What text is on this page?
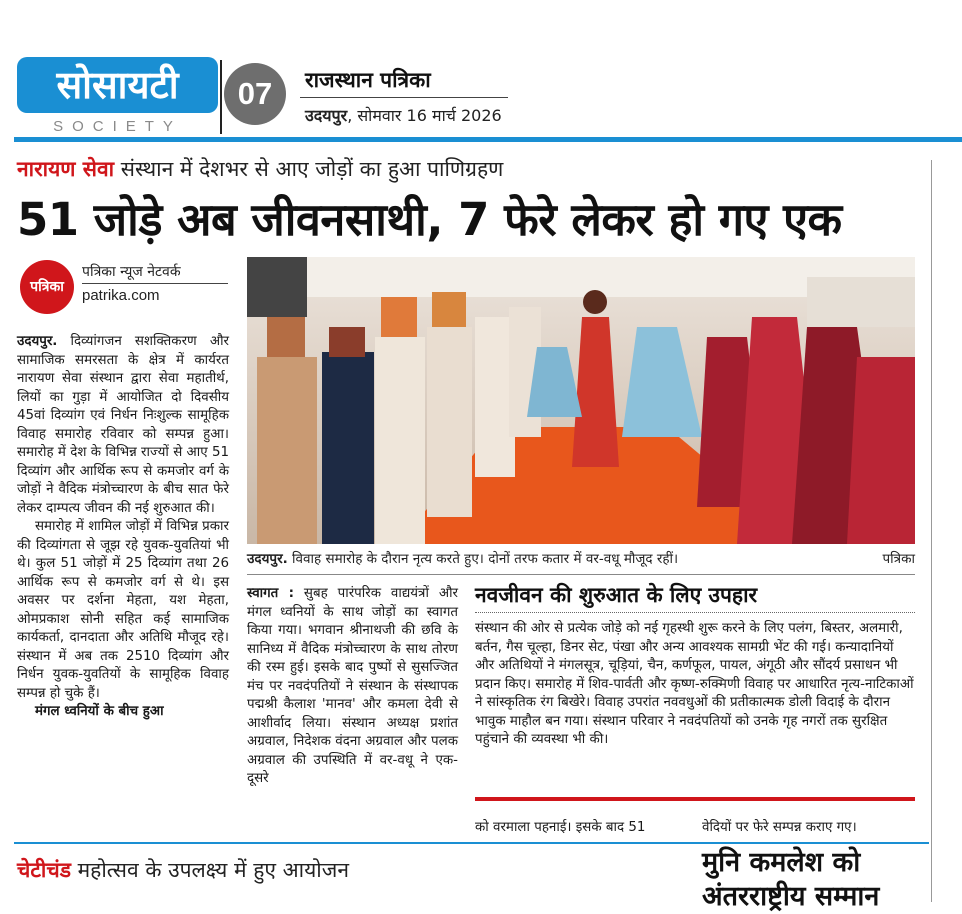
सोसायटी
SOCIETY
07	राजस्थान पत्रिका
उदयपुर, सोमवार 16 मार्च 2026
नारायण सेवा संस्थान में देशभर से आए जोड़ों का हुआ पाणिग्रहण
51 जोड़े अब जीवनसाथी, 7 फेरे लेकर हो गए एक
पत्रिका
पत्रिका न्यूज नेटवर्क
patrika.com

उदयपुर. दिव्यांगजन सशक्तिकरण और सामाजिक समरसता के क्षेत्र में कार्यरत नारायण सेवा संस्थान द्वारा सेवा महातीर्थ, लियों का गुड़ा में आयोजित दो दिवसीय 45वां दिव्यांग एवं निर्धन निःशुल्क सामूहिक विवाह समारोह रविवार को सम्पन्न हुआ। समारोह में देश के विभिन्न राज्यों से आए 51 दिव्यांग और आर्थिक रूप से कमजोर वर्ग के जोड़ों ने वैदिक मंत्रोच्चारण के बीच सात फेरे लेकर दाम्पत्य जीवन की नई शुरुआत की।

समारोह में शामिल जोड़ों में विभिन्न प्रकार की दिव्यांगता से जूझ रहे युवक-युवतियां भी थे। कुल 51 जोड़ों में 25 दिव्यांग तथा 26 आर्थिक रूप से कमजोर वर्ग से थे। इस अवसर पर दर्शना मेहता, यश मेहता, ओमप्रकाश सोनी सहित कई सामाजिक कार्यकर्ता, दानदाता और अतिथि मौजूद रहे। संस्थान में अब तक 2510 दिव्यांग और निर्धन युवक-युवतियों के सामूहिक विवाह सम्पन्न हो चुके हैं।

मंगल ध्वनियों के बीच हुआ

उदयपुर. विवाह समारोह के दौरान नृत्य करते हुए। दोनों तरफ कतार में वर-वधू मौजूद रहीं।	पत्रिका

स्वागत : सुबह पारंपरिक वाद्ययंत्रों और मंगल ध्वनियों के साथ जोड़ों का स्वागत किया गया। भगवान श्रीनाथजी की छवि के सानिध्य में वैदिक मंत्रोच्चारण के साथ तोरण की रस्म हुई। इसके बाद पुष्पों से सुसज्जित मंच पर नवदंपतियों ने संस्थान के संस्थापक पद्मश्री कैलाश 'मानव' और कमला देवी से आशीर्वाद लिया। संस्थान अध्यक्ष प्रशांत अग्रवाल, निदेशक वंदना अग्रवाल और पलक अग्रवाल की उपस्थिति में वर-वधू ने एक-दूसरे

नवजीवन की शुरुआत के लिए उपहार
संस्थान की ओर से प्रत्येक जोड़े को नई गृहस्थी शुरू करने के लिए पलंग, बिस्तर, अलमारी, बर्तन, गैस चूल्हा, डिनर सेट, पंखा और अन्य आवश्यक सामग्री भेंट की गई। कन्यादानियों और अतिथियों ने मंगलसूत्र, चूड़ियां, चैन, कर्णफूल, पायल, अंगूठी और सौंदर्य प्रसाधन भी प्रदान किए। समारोह में शिव-पार्वती और कृष्ण-रुक्मिणी विवाह पर आधारित नृत्य-नाटिकाओं ने सांस्कृतिक रंग बिखेरे। विवाह उपरांत नववधुओं की प्रतीकात्मक डोली विदाई के दौरान भावुक माहौल बन गया। संस्थान परिवार ने नवदंपतियों को उनके गृह नगरों तक सुरक्षित पहुंचाने की व्यवस्था भी की।
को वरमाला पहनाई। इसके बाद 51	वेदियों पर फेरे सम्पन्न कराए गए।
चेटीचंड महोत्सव के उपलक्ष्य में हुए आयोजन	मुनि कमलेश को
अंतरराष्ट्रीय सम्मान
